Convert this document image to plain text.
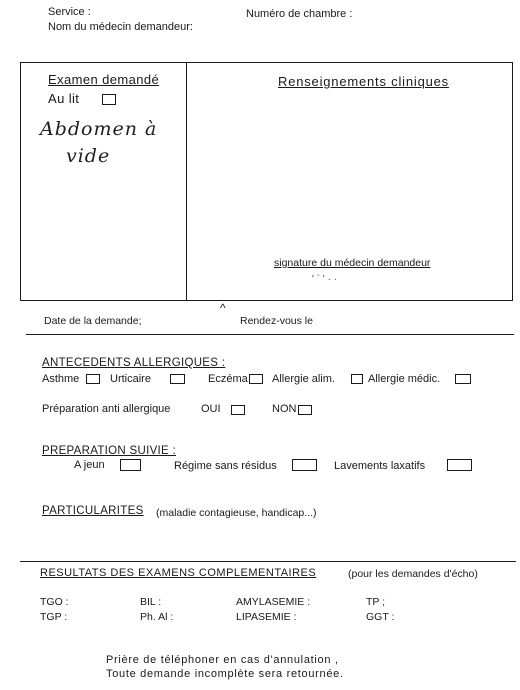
Service :	Numéro de chambre :
Nom du médecin demandeur:
Examen demandé
Au lit
Abdomen à
vide
Renseignements cliniques
signature du médecin demandeur
' ` ' · ·
Date de la demande;
^
Rendez-vous le
ANTECEDENTS ALLERGIQUES :
Asthme	Urticaire	Eczéma Allergie alim.	Allergie médic.
Préparation anti allergique	OUI	NON
PREPARATION SUIVIE :
A jeun	Régime sans résidus	Lavements laxatifs
PARTICULARITES (maladie contagieuse, handicap...)
RESULTATS DES EXAMENS COMPLEMENTAIRES	(pour les demandes d'écho)
TGO :	BIL :	AMYLASEMIE :	TP ;
TGP :	Ph. Al :	LIPASEMIE :	GGT :
Prière de téléphoner en cas d'annulation ,
Toute demande incomplète sera retournée.
